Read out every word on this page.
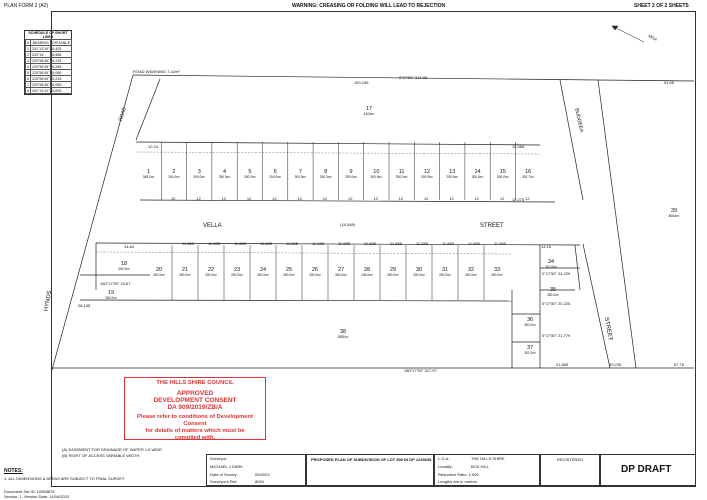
PLAN FORM 2 (A2)	WARNING: CREASING OR FOLDING WILL LEAD TO REJECTION	SHEET 2 OF 2 SHEETS
SCHEDULE OF SHORT LINES
#	BEARING	DISTANCE
1	331°13'10"	6.425
2	243°14'	8.485
3	225°58'45"	5.215
4	225°58'45"	6.288
5	225°58'45"	6.065
6	315°58'45"	5.215
7	225°58'45"	6.065
8	331°13'10"	6.825
MGA
ROAD WIDENING 7.42m²
ROAD	BUDGEEA
VELLA	(18.048)	STREET
HYNDS
STREET
0°17'50" 341.05
153.165	91.65
180°17'50" 317.97
21.865	30.235	67.76
12.24
180°17'50" 24.67
26.145
0°17'50" 24.229
0°17'50" 20.225
0°17'50" 21.779
12.465
12.275
14.84	14.16
1
348.1m²
2
300.0m²
3
300.0m²
4
250.0m²
5
300.0m²
6
250.0m²
7
300.0m²
8
250.0m²
9
300.0m²
10
300.0m²
11
250.0m²
12
300.0m²
13
250.0m²
14
300.0m²
15
300.0m²
16
351.7m²
12	12	12	12	12	12	12	12	12	12	12	12	12	12	12
20
300.0m²
21
300.0m²
22
300.0m²
23
250.0m²
24
300.0m²
25
300.0m²
26
300.0m²
27
300.0m²
28
236.0m²
29
300.0m²
30
300.0m²
31
250.0m²
32
300.0m²
33
300.0m²
11.885	11.885	11.885	11.885	11.885	11.885	11.885	11.885	11.885	11.885	11.885	11.885	11.885
17
4424m²
18
300.0m²
19
300.0m²
34
310.0m²
35
280.0m²
36
300.0m²
37
351.0m²
38
3081m²
39
8064m²
THE HILLS SHIRE COUNCIL
APPROVED
DEVELOPMENT CONSENT
DA 909/2019/ZB/A
Please refer to conditions of Development Consent
for details of matters which must be
complied with.
(A) EASEMENT FOR DRAINAGE OF WATER 1.5 WIDE
(B) RIGHT OF ACCESS VARIABLE WIDTH
NOTES:
1. ALL DIMENSIONS & AREAS ARE SUBJECT TO FINAL SURVEY
Document Set ID: 10068876
Version: 1, Version Date: 14/04/2023
Surveyor:
MICHAEL J DARK
Date of Survey:	09/2023
Surveyor's Ref:	8094
PROPOSED PLAN OF SUBDIVISION OF LOT 800 IN DP 1245635 L.G.A.:	THE HILLS SHIRE
Locality:	BOX HILL
Reduction Ratio: 1:500
Lengths are in metres.
REGISTERED
DP DRAFT
